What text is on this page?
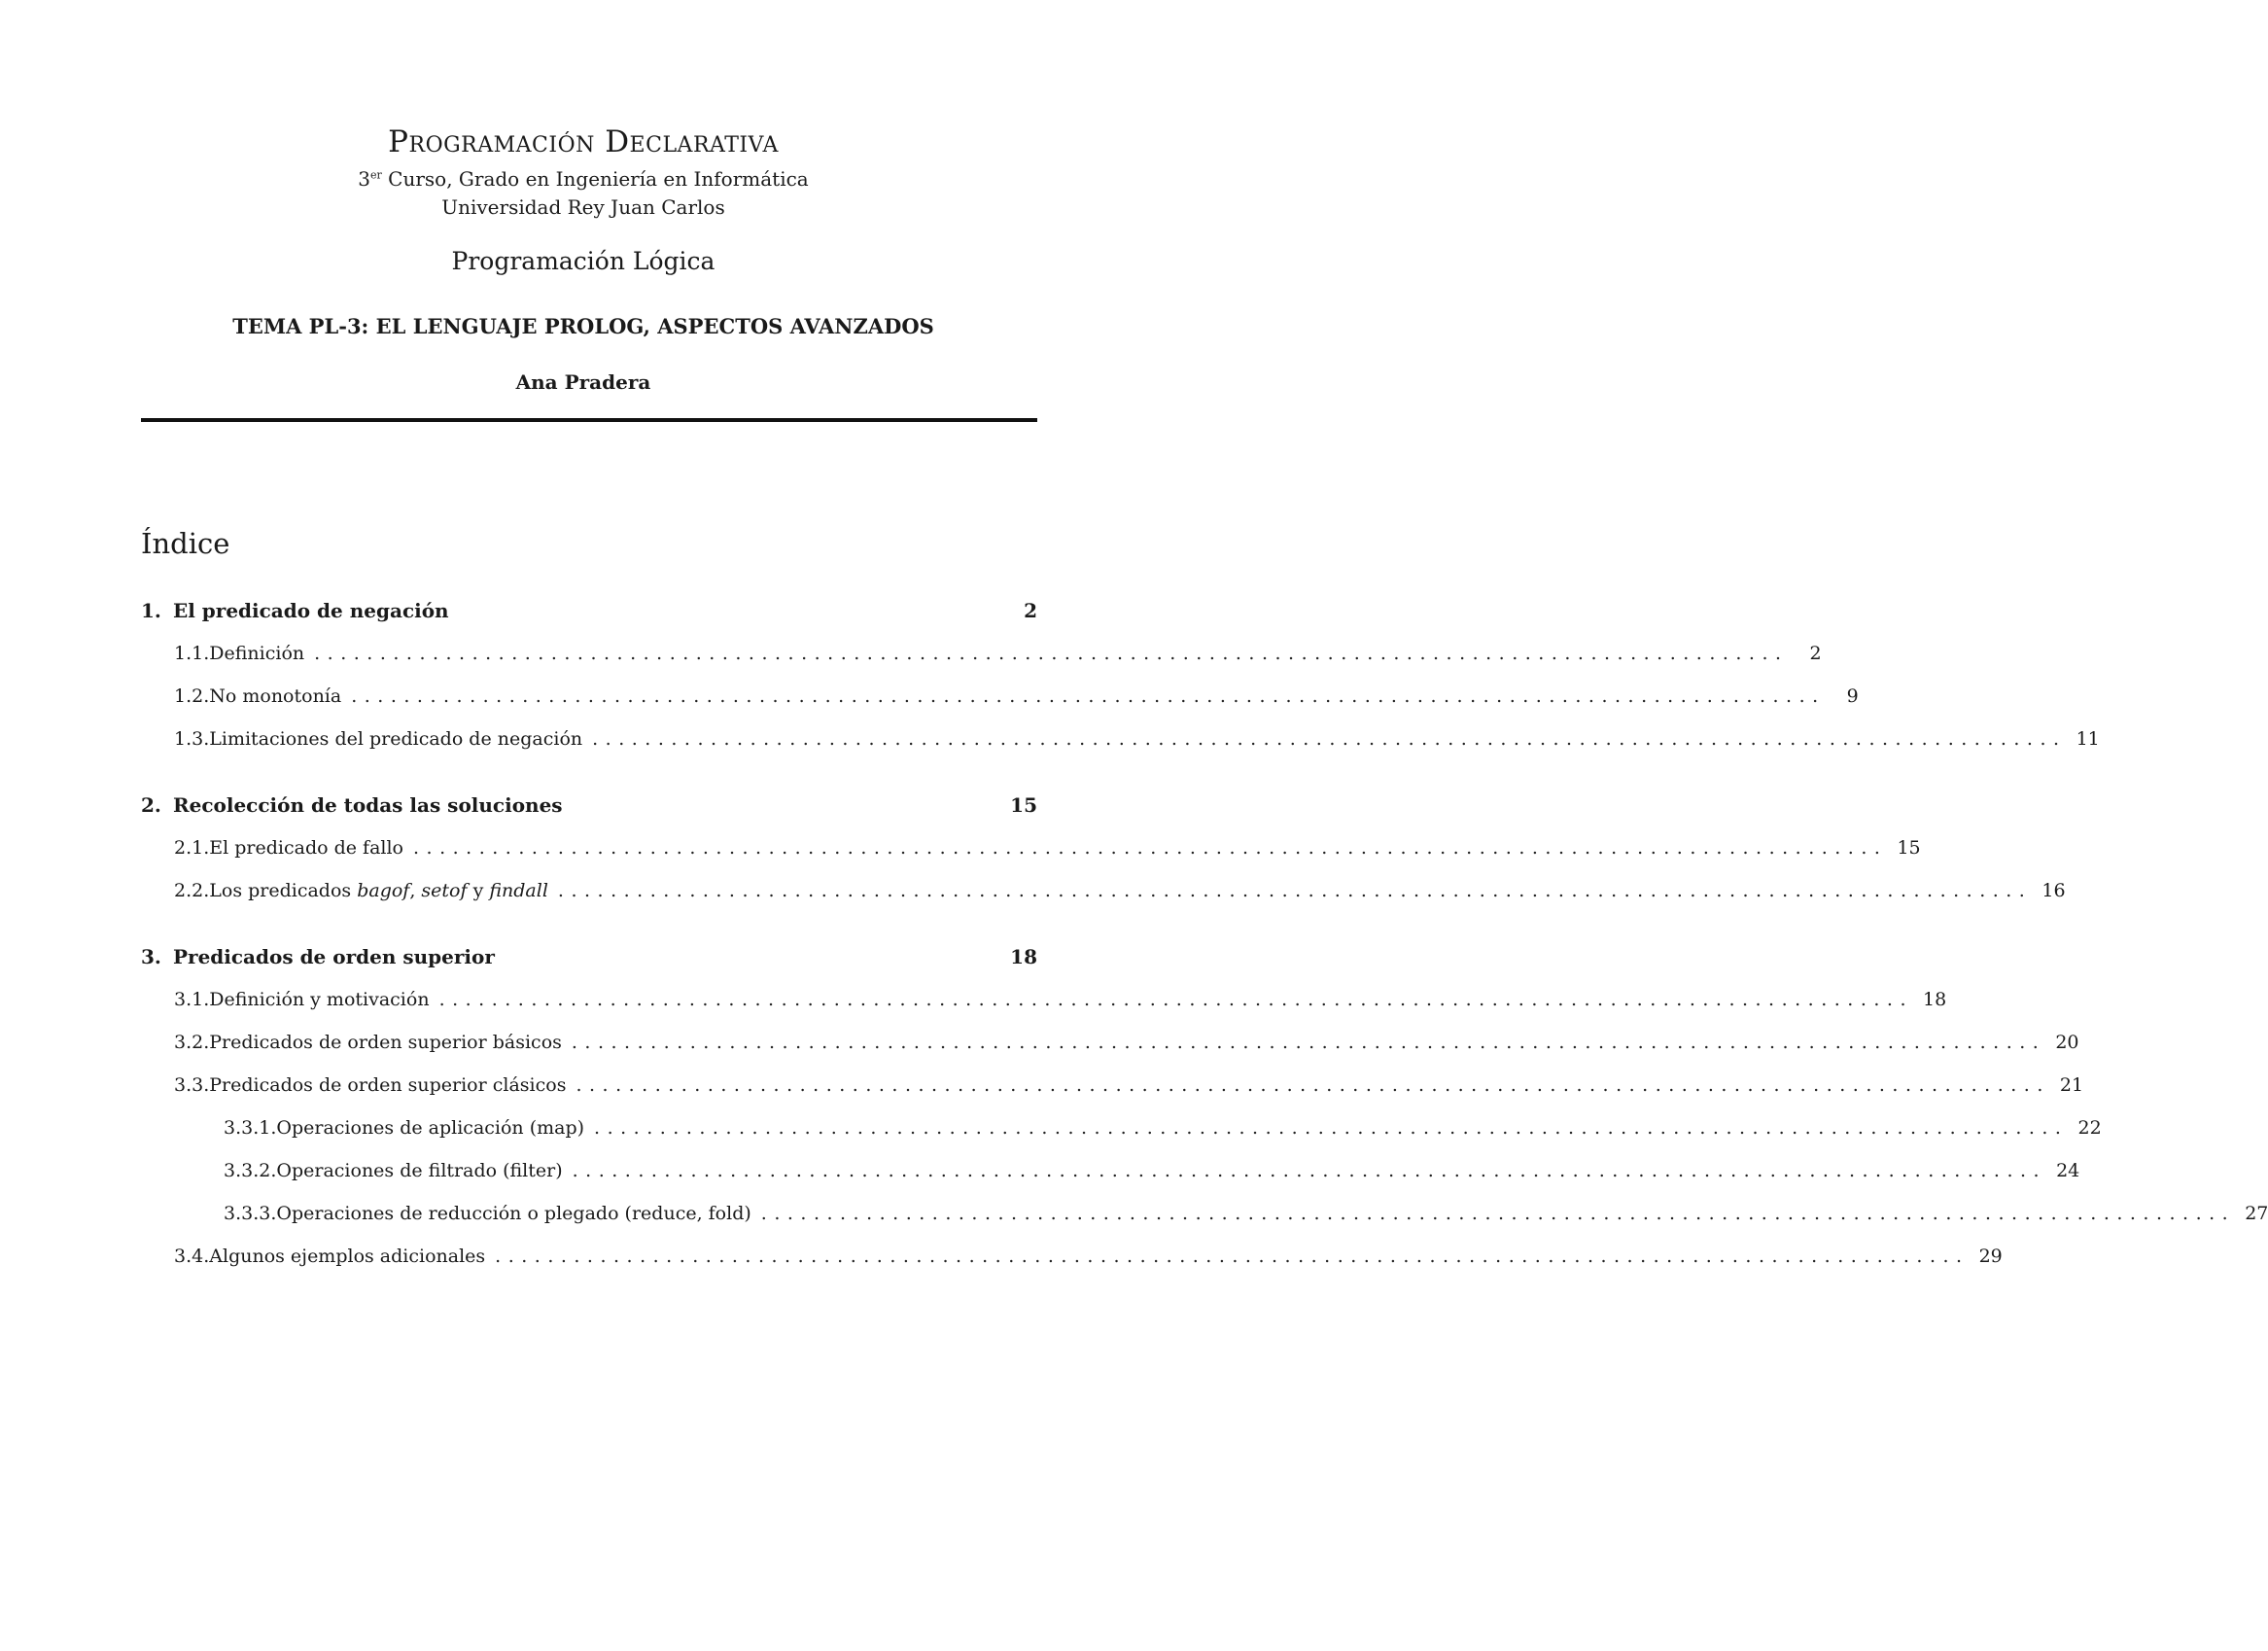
Programación Declarativa
3er Curso, Grado en Ingeniería en Informática
Universidad Rey Juan Carlos
Programación Lógica
TEMA PL-3: EL LENGUAJE PROLOG, ASPECTOS AVANZADOS
Ana Pradera
Índice
1. El predicado de negación	2
1.1. Definición ................................................................................................................	2
1.2. No monotonía ................................................................................................................	9
1.3. Limitaciones del predicado de negación ................................................................................................................ 11
2. Recolección de todas las soluciones	15
2.1. El predicado de fallo ................................................................................................................ 15
2.2. Los predicados bagof, setof y findall ................................................................................................................ 16
3. Predicados de orden superior	18
3.1. Definición y motivación ................................................................................................................ 18
3.2. Predicados de orden superior básicos ................................................................................................................ 20
3.3. Predicados de orden superior clásicos ................................................................................................................ 21
3.3.1. Operaciones de aplicación (map) ................................................................................................................ 22
3.3.2. Operaciones de filtrado (filter) ................................................................................................................ 24
3.3.3. Operaciones de reducción o plegado (reduce, fold) ................................................................................................................ 27
3.4. Algunos ejemplos adicionales ................................................................................................................ 29
